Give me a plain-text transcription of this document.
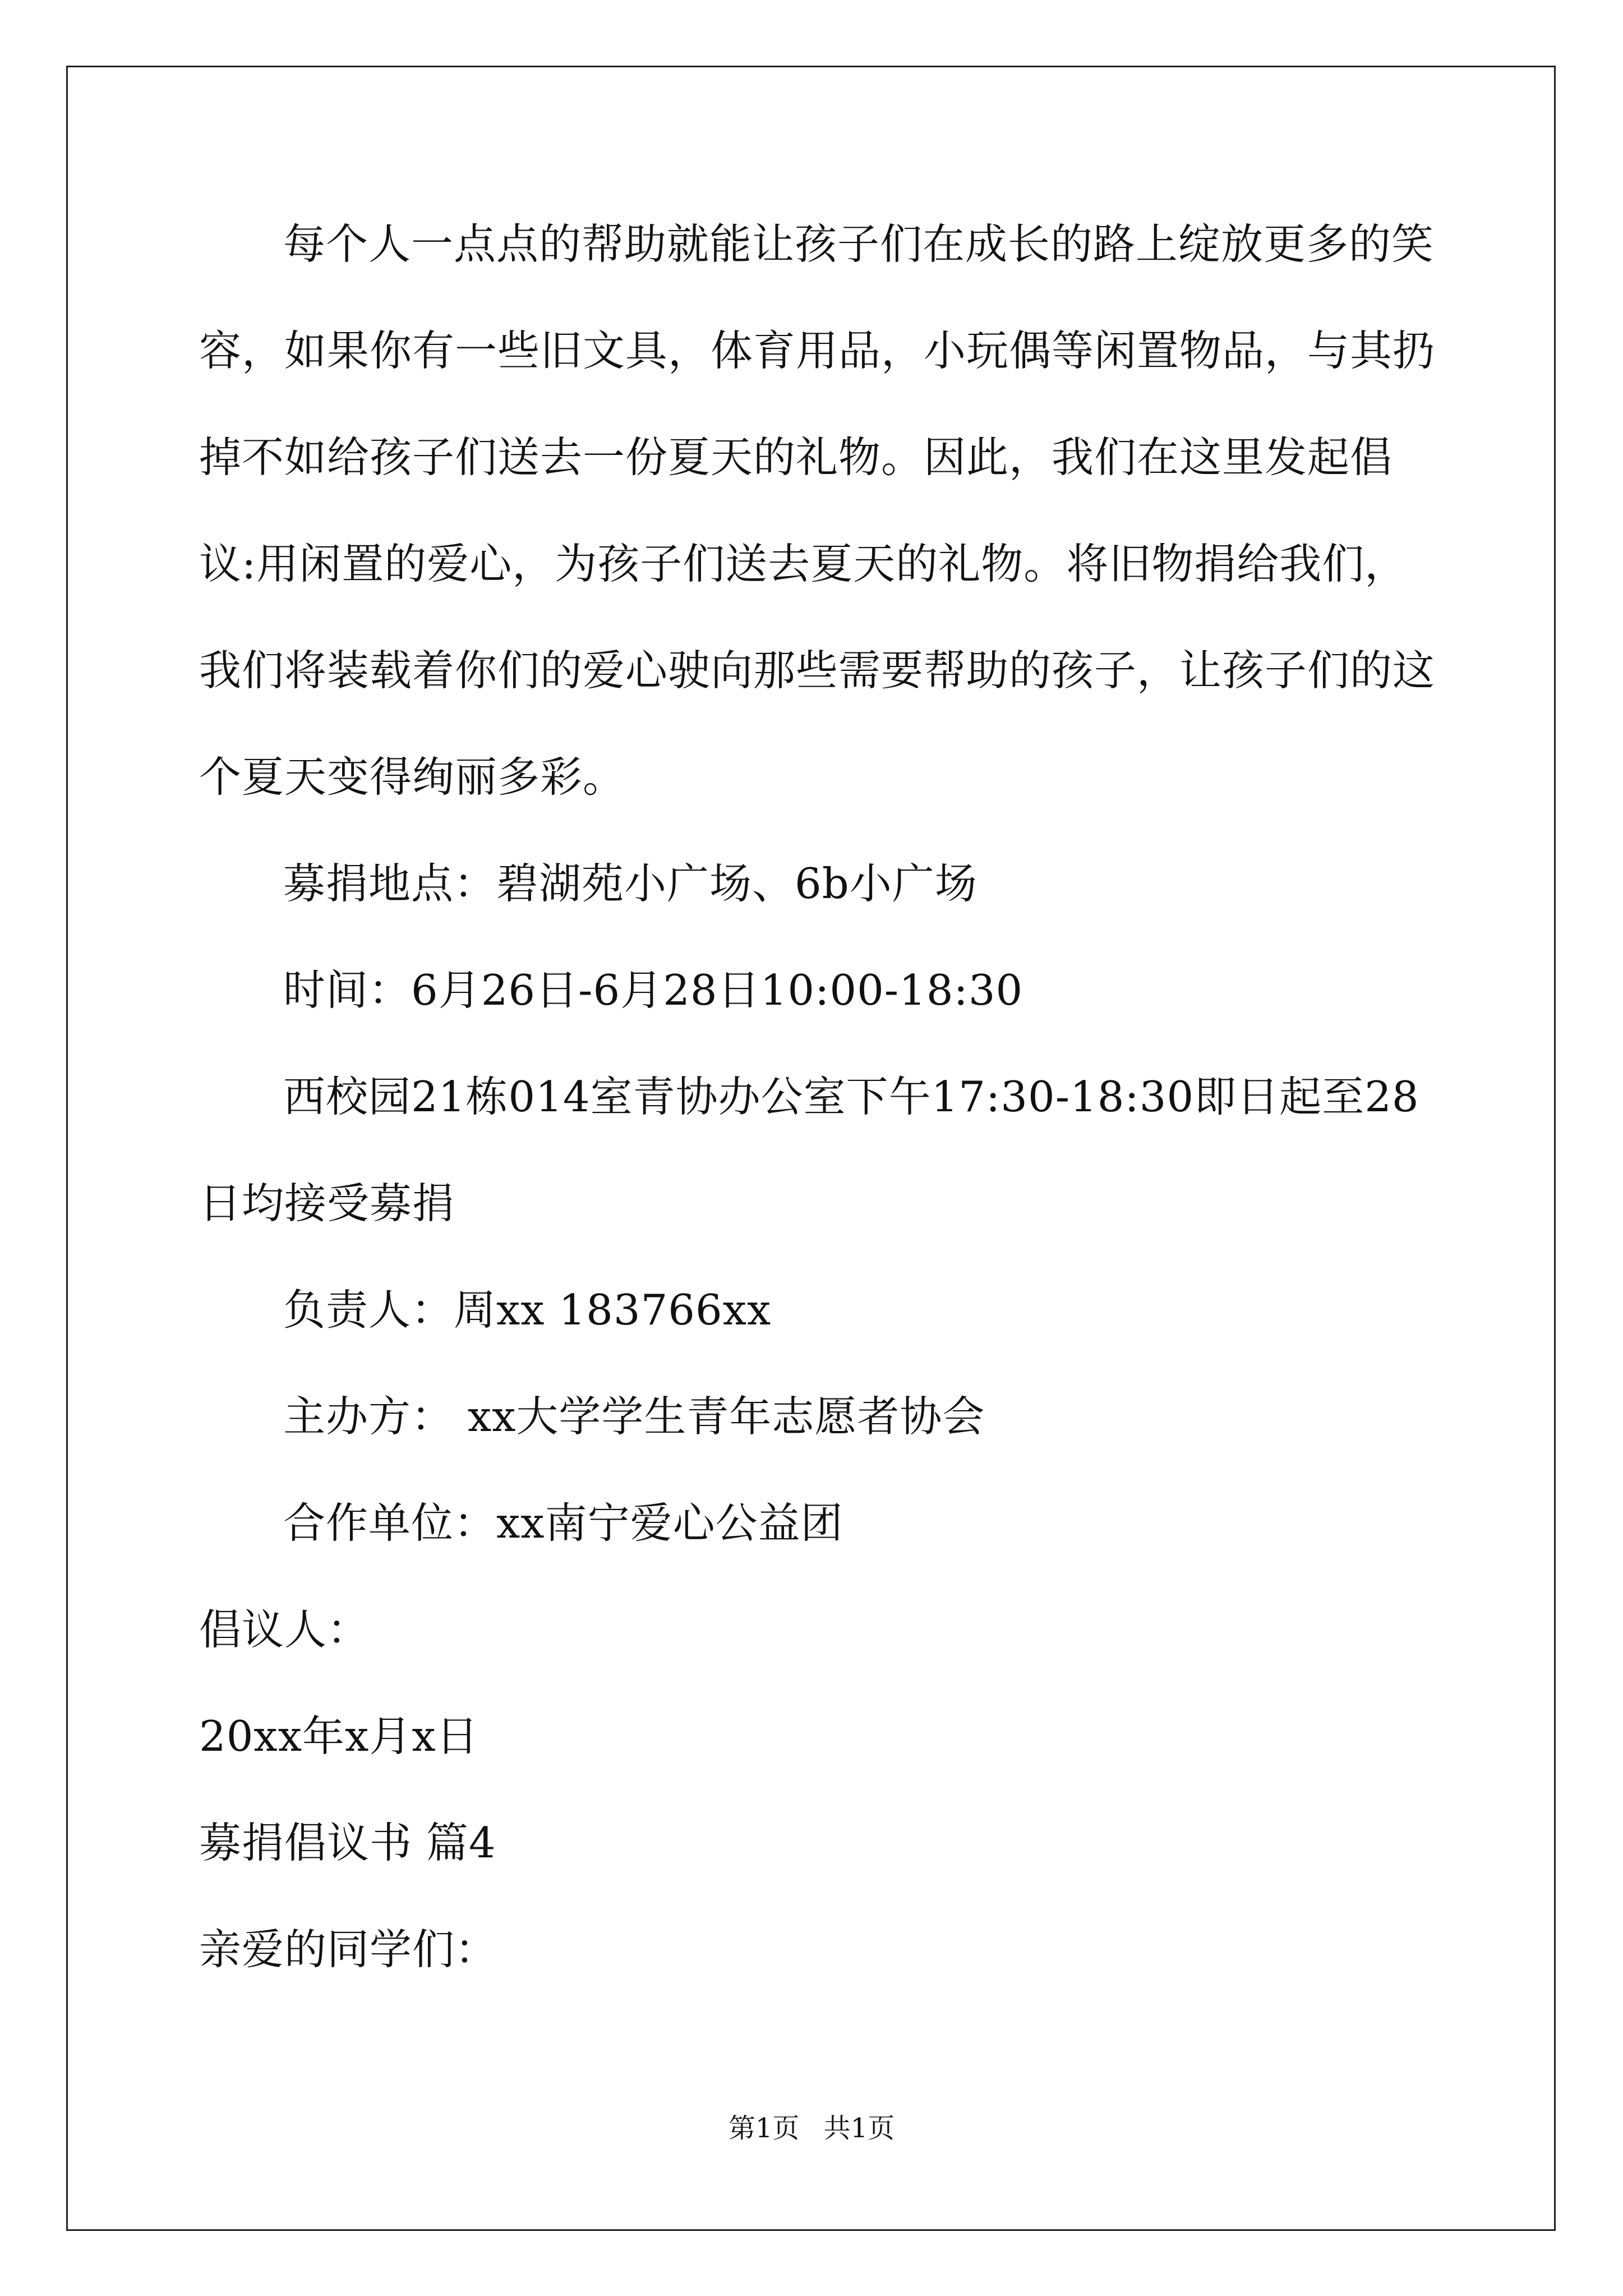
每个人一点点的帮助就能让孩子们在成长的路上绽放更多的笑容，如果你有一些旧文具，体育用品，小玩偶等闲置物品，与其扔掉不如给孩子们送去一份夏天的礼物。因此，我们在这里发起倡议:用闲置的爱心，为孩子们送去夏天的礼物。将旧物捐给我们，我们将装载着你们的爱心驶向那些需要帮助的孩子，让孩子们的这个夏天变得绚丽多彩。

募捐地点：碧湖苑小广场、6b小广场

时间：6月26日-6月28日10:00-18:30

西校园21栋014室青协办公室下午17:30-18:30即日起至28日均接受募捐

负责人：周xx 183766xx

主办方： xx大学学生青年志愿者协会

合作单位：xx南宁爱心公益团

倡议人：

20xx年x月x日

募捐倡议书 篇4

亲爱的同学们：

第1页 共1页
